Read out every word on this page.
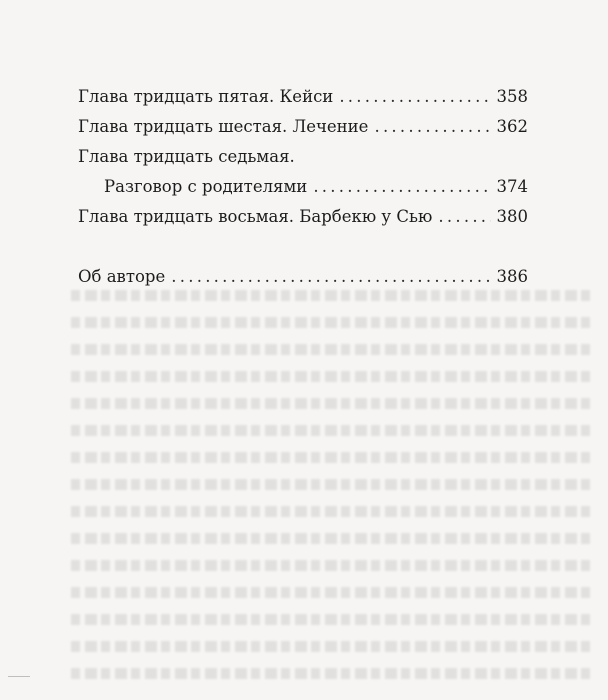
Глава тридцать пятая. Кейси . . .	358
Глава тридцать шестая. Лечение . . .	362
Глава тридцать седьмая.
Разговор с родителями . . .	374
Глава тридцать восьмая. Барбекю у Сью . . .	380
Об авторе . . .	386
